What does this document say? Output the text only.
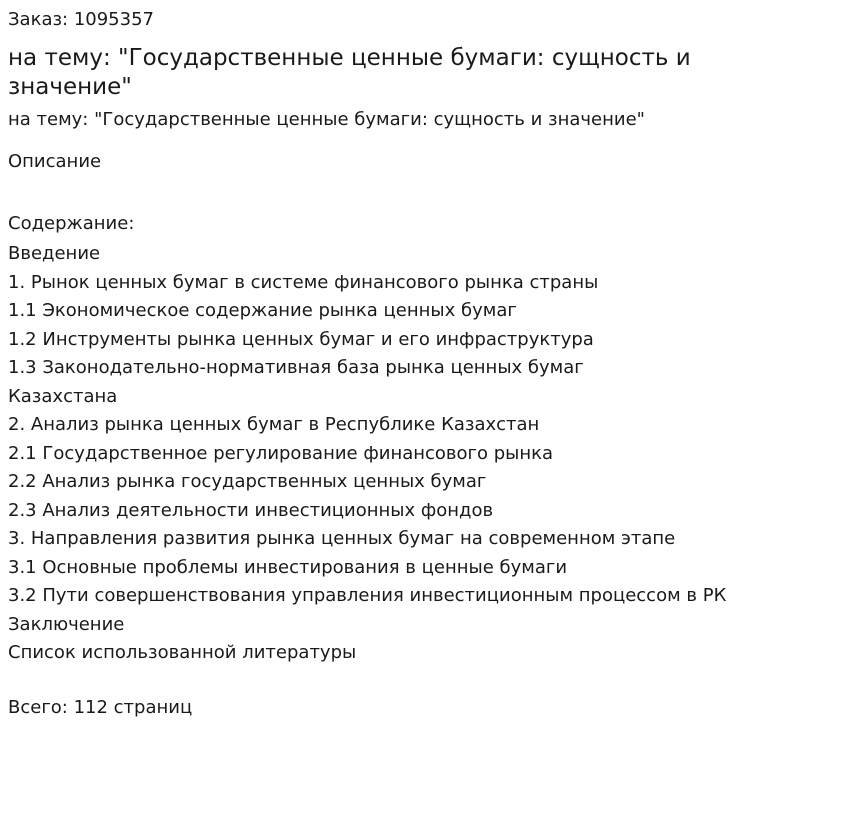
Заказ: 1095357
на тему: "Государственные ценные бумаги: сущность и значение"
на тему: "Государственные ценные бумаги: сущность и значение"
Описание
Содержание:
Введение
1. Рынок ценных бумаг в системе финансового рынка страны
1.1 Экономическое содержание рынка ценных бумаг
1.2 Инструменты рынка ценных бумаг и его инфраструктура
1.3 Законодательно-нормативная база рынка ценных бумаг Казахстана
2. Анализ рынка ценных бумаг в Республике Казахстан
2.1 Государственное регулирование финансового рынка
2.2 Анализ рынка государственных ценных бумаг
2.3 Анализ деятельности инвестиционных фондов
3. Направления развития рынка ценных бумаг на современном этапе
3.1 Основные проблемы инвестирования в ценные бумаги
3.2 Пути совершенствования управления инвестиционным процессом в РК
Заключение
Список использованной литературы
Всего: 112 страниц
